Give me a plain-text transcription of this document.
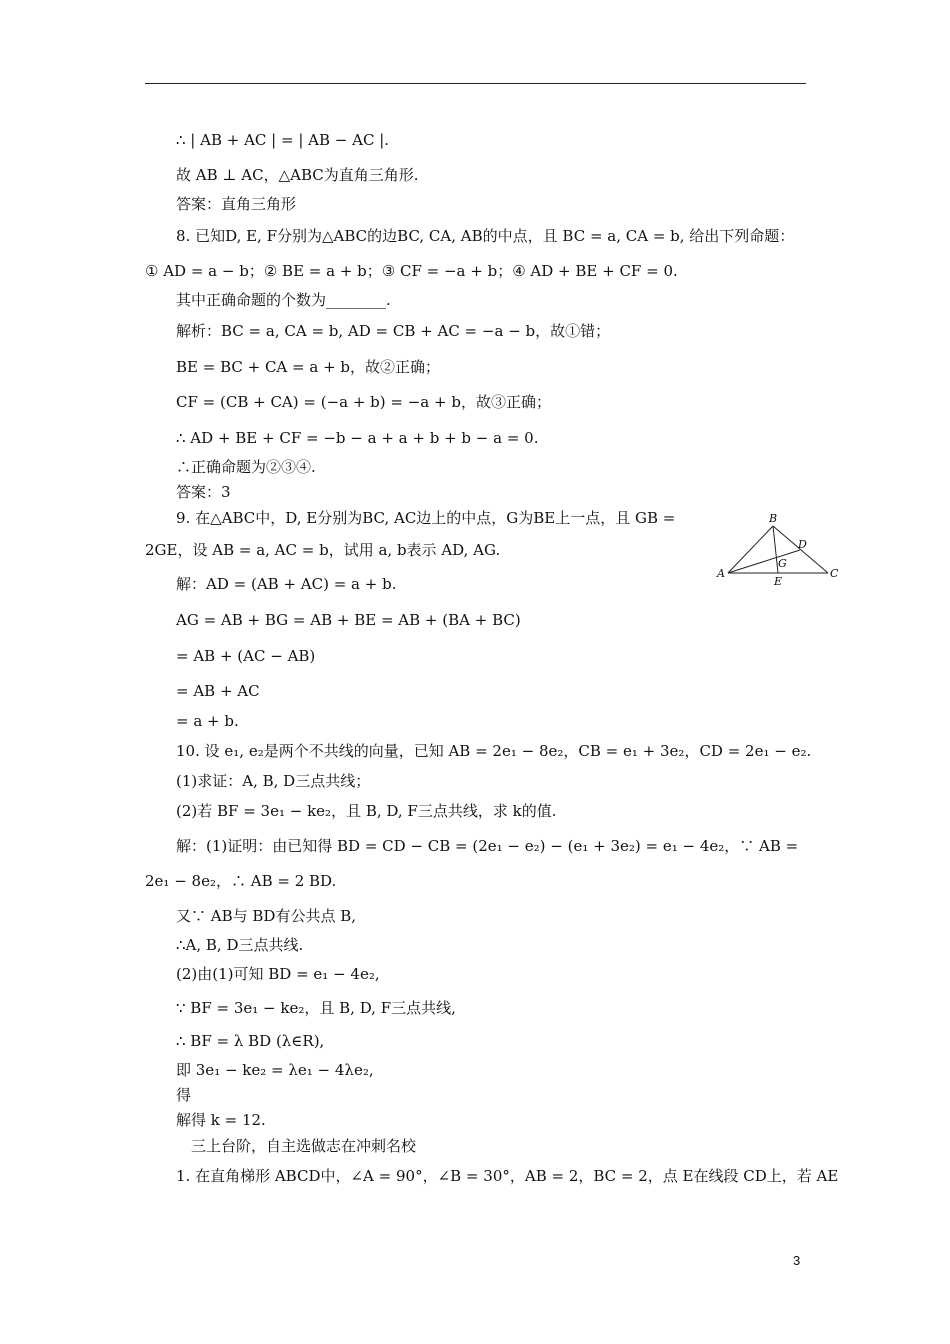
∴ | AB + AC | = | AB − AC |.
故 AB ⊥ AC，△ABC为直角三角形.
答案：直角三角形
8. 已知D, E, F分别为△ABC的边BC, CA, AB的中点，且 BC = a, CA = b, 给出下列命题：
① AD = a − b；② BE = a + b；③ CF = −a + b；④ AD + BE + CF = 0.
其中正确命题的个数为________.
解析：BC = a, CA = b, AD = CB + AC = −a − b，故①错；
BE = BC + CA = a + b，故②正确；
CF = (CB + CA) = (−a + b) = −a + b，故③正确；
∴ AD + BE + CF = −b − a + a + b + b − a = 0.
∴正确命题为②③④.
答案：3
9. 在△ABC中，D, E分别为BC, AC边上的中点，G为BE上一点，且 GB =
2GE，设 AB = a, AC = b，试用 a, b表示 AD, AG.
解：AD = (AB + AC) = a + b.
AG = AB + BG = AB + BE = AB + (BA + BC)
= AB + (AC − AB)
= AB + AC
= a + b.
10. 设 e₁, e₂是两个不共线的向量，已知 AB = 2e₁ − 8e₂，CB = e₁ + 3e₂，CD = 2e₁ − e₂.
(1)求证：A, B, D三点共线；
(2)若 BF = 3e₁ − ke₂，且 B, D, F三点共线，求 k的值.
解：(1)证明：由已知得 BD = CD − CB = (2e₁ − e₂) − (e₁ + 3e₂) = e₁ − 4e₂，∵ AB =
2e₁ − 8e₂，∴ AB = 2 BD.
又∵ AB与 BD有公共点 B,
∴A, B, D三点共线.
(2)由(1)可知 BD = e₁ − 4e₂,
∵ BF = 3e₁ − ke₂，且 B, D, F三点共线,
∴ BF = λ BD (λ∈R),
即 3e₁ − ke₂ = λe₁ − 4λe₂,
得
解得 k = 12.
三上台阶，自主选做志在冲刺名校
1. 在直角梯形 ABCD中，∠A = 90°，∠B = 30°，AB = 2，BC = 2，点 E在线段 CD上，若 AE
B
A	C
D
E
G
3
